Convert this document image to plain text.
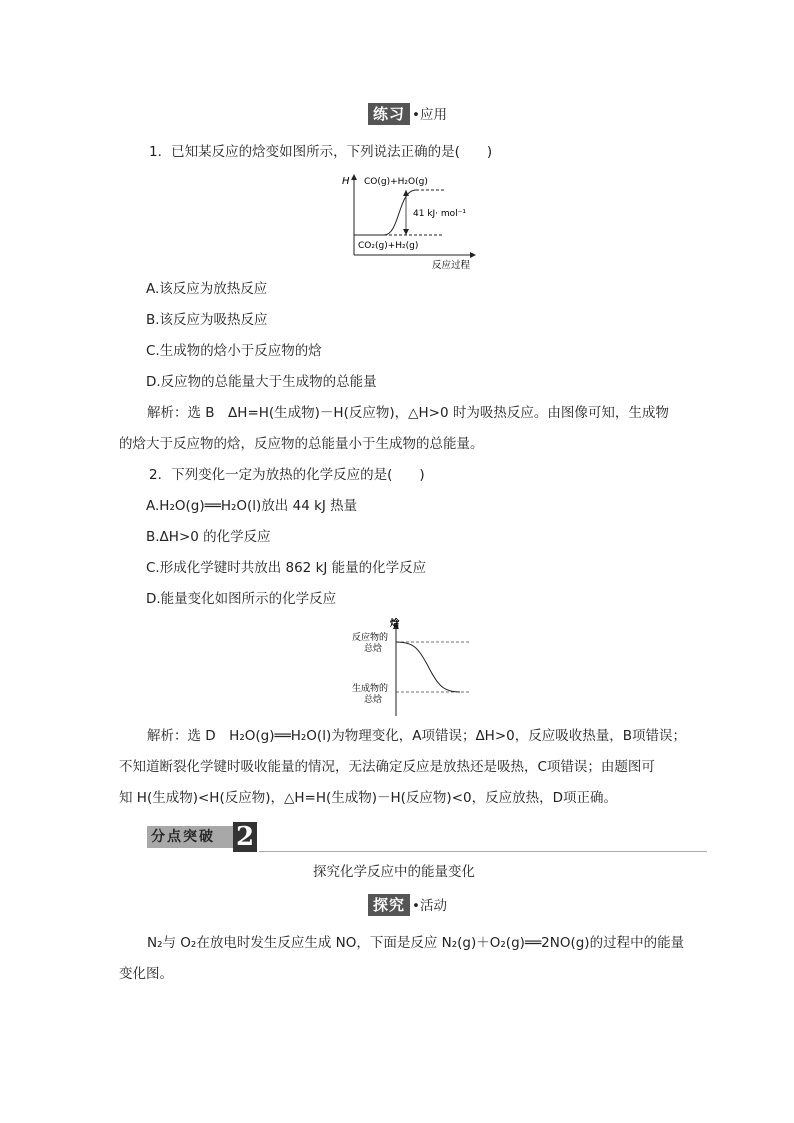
练习 •应用
1．已知某反应的焓变如图所示，下列说法正确的是(　　)
H CO(g)+H₂O(g)
CO₂(g)+H₂(g)
41 kJ· mol⁻¹
反应过程
A.该反应为放热反应
B.该反应为吸热反应
C.生成物的焓小于反应物的焓
D.反应物的总能量大于生成物的总能量
解析：选 B　ΔH=H(生成物)－H(反应物)，△H>0 时为吸热反应。由图像可知，生成物
的焓大于反应物的焓，反应物的总能量小于生成物的总能量。
2．下列变化一定为放热的化学反应的是(　　)
A.H₂O(g)══H₂O(l)放出 44 kJ 热量
B.ΔH>0 的化学反应
C.形成化学键时共放出 862 kJ 能量的化学反应
D.能量变化如图所示的化学反应
焓
反应物的
总焓
生成物的
总焓
解析：选 D　H₂O(g)══H₂O(l)为物理变化，A项错误；ΔH>0，反应吸收热量，B项错误；
不知道断裂化学键时吸收能量的情况，无法确定反应是放热还是吸热，C项错误；由题图可
知 H(生成物)<H(反应物)，△H=H(生成物)－H(反应物)<0，反应放热，D项正确。
分点突破 2
探究化学反应中的能量变化
探究 •活动
N₂与 O₂在放电时发生反应生成 NO，下面是反应 N₂(g)＋O₂(g)══2NO(g)的过程中的能量
变化图。
